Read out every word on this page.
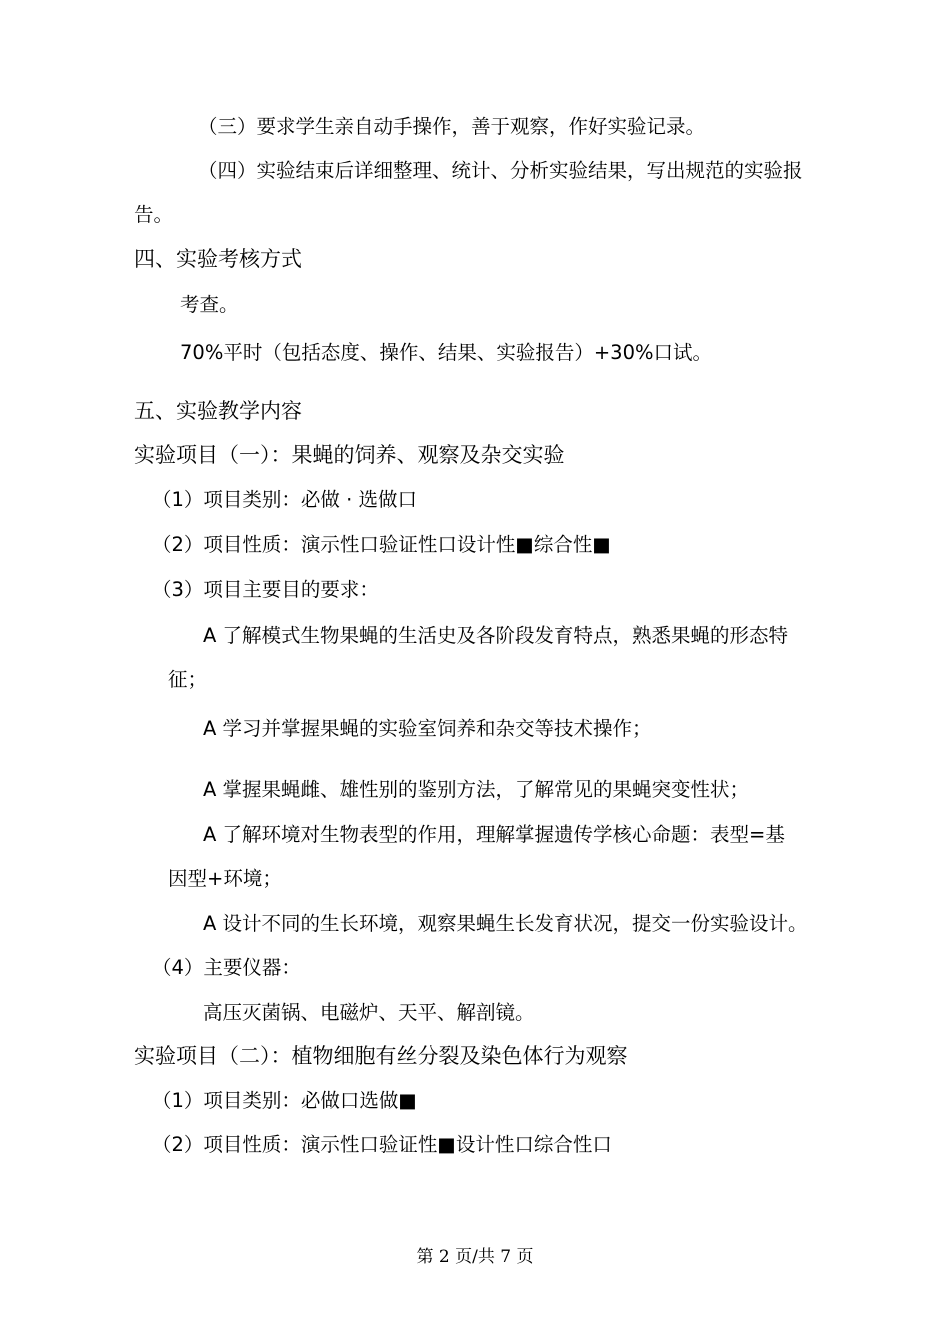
（三）要求学生亲自动手操作，善于观察，作好实验记录。
（四）实验结束后详细整理、统计、分析实验结果，写出规范的实验报
告。
四、实验考核方式
考查。
70%平时（包括态度、操作、结果、实验报告）+30%口试。
五、实验教学内容
实验项目（一）：果蝇的饲养、观察及杂交实验
（1）项目类别：必做 · 选做口
（2）项目性质：演示性口验证性口设计性■综合性■
（3）项目主要目的要求：
A 了解模式生物果蝇的生活史及各阶段发育特点，熟悉果蝇的形态特
征；
A 学习并掌握果蝇的实验室饲养和杂交等技术操作；
A 掌握果蝇雌、雄性别的鉴别方法，了解常见的果蝇突变性状；
A 了解环境对生物表型的作用，理解掌握遗传学核心命题：表型=基
因型+环境；
A 设计不同的生长环境，观察果蝇生长发育状况，提交一份实验设计。
（4）主要仪器：
高压灭菌锅、电磁炉、天平、解剖镜。
实验项目（二）：植物细胞有丝分裂及染色体行为观察
（1）项目类别：必做口选做■
（2）项目性质：演示性口验证性■设计性口综合性口
第 2 页/共 7 页
